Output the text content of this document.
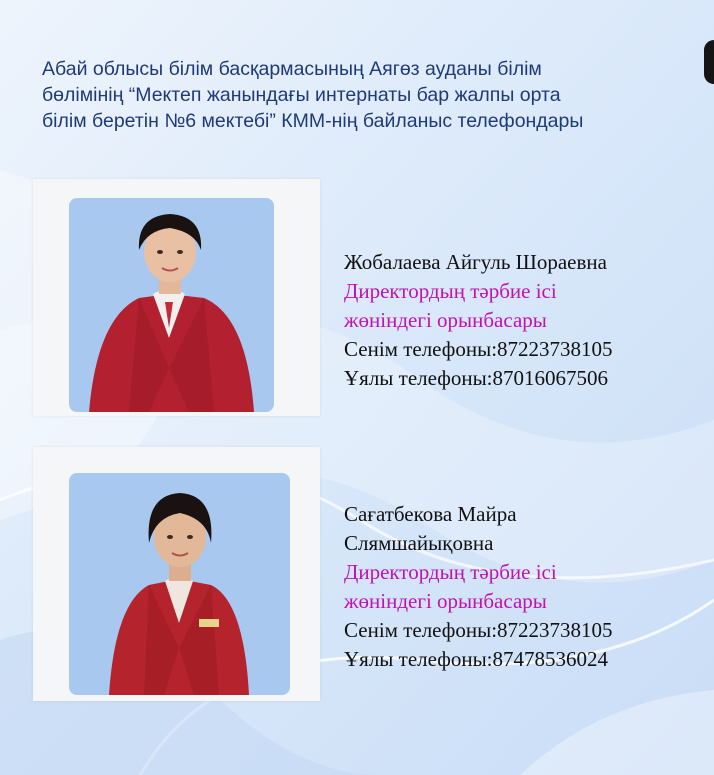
Абай облысы білім басқармасының Аягөз ауданы білім
бөлімінің “Мектеп жанындағы интернаты бар жалпы орта
білім беретін №6 мектебі” КММ-нің байланыс телефондары
Жобалаева Айгуль Шораевна
Директордың тәрбие ісі
жөніндегі орынбасары
Сенім телефоны:87223738105
Ұялы телефоны:87016067506
Сағатбекова Майра
Слямшайықовна
Директордың тәрбие ісі
жөніндегі орынбасары
Сенім телефоны:87223738105
Ұялы телефоны:87478536024
